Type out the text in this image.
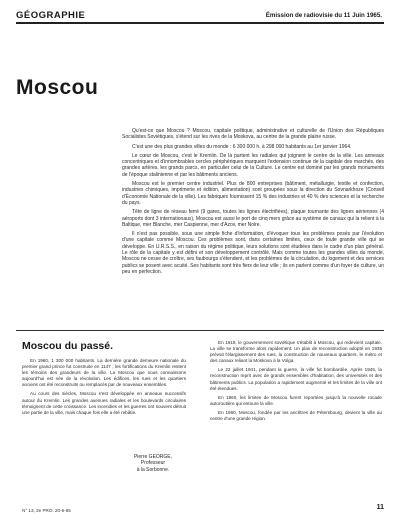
GÉOGRAPHIE	Émission de radiovisie du 11 Juin 1965.
Moscou

Qu'est-ce que Moscou ? Moscou, capitale politique, administrative et culturelle de l'Union des Républiques Socialistes Soviétiques, s'étend sur les rives de la Moskova, au centre de la grande plaine russe.

C'est une des plus grandes villes du monde : 6 300 000 h. à 298 000 habitants au 1er janvier 1964.

Le cœur de Moscou, c'est le Kremlin. De là partent les radiales qui joignent le centre de la ville. Les anneaux concentriques et d'innombrables cercles périphériques marquent l'extension continue de la capitale des marchés, des grandes artères, les grands parcs, en particulier celui de la Culture. Le centre est dominé par les grands monuments de l'époque stalinienne et par les bâtiments anciens.

Moscou est le premier centre industriel. Plus de 800 entreprises (bâtiment, métallurgie, textile et confection, industries chimiques, imprimerie et édition, alimentation) sont groupées sous la direction du Sovnarkhoze (Conseil d'Économie Nationale de la ville). Les fabriques fournissent 15 % des industries et 40 % des sciences et la recherche du pays.

Tête de ligne de réseau ferré (9 gares, toutes les lignes électrifiées), plaque tournante des lignes aériennes (4 aéroports dont 3 internationaux), Moscou est aussi le port de cinq mers grâce au système de canaux qui la relient à la Baltique, mer Blanche, mer Caspienne, mer d'Azov, mer Noire.

Il n'est pas possible, sous une simple fiche d'information, d'évoquer tous les problèmes posés par l'évolution d'une capitale comme Moscou. Ces problèmes sont, dans certaines limites, ceux de toute grande ville qui se développe. En U.R.S.S., en raison du régime politique, leurs solutions sont étudiées dans le cadre d'un plan général. Le rôle de la capitale y est défini et son développement contrôlé. Mais comme toutes les grandes villes du monde, Moscou ne cesse de croître, ses faubourgs s'étendent, et les problèmes de la circulation, du logement et des services publics se posent avec acuité. Ses habitants sont très fiers de leur ville ; ils en parlent comme d'un foyer de culture, un peu en perfection.

Moscou du passé.

En 1960, 1 300 000 habitants. La dernière grande demeure nationale du premier grand prince fut construite en 1147 ; les fortifications du Kremlin restent les témoins des grandeurs de la ville. La Moscou que nous connaissons aujourd'hui est née de la révolution. Les édifices, les rues et les quartiers anciens ont été reconstruits ou remplacés par de nouveaux ensembles.

Au cours des siècles, Moscou s'est développée en anneaux successifs autour du Kremlin. Les grandes avenues radiales et les boulevards circulaires témoignent de cette croissance. Les incendies et les guerres ont souvent détruit une partie de la ville, mais chaque fois elle a été rebâtie.

Pierre GEORGE,
Professeur
à la Sorbonne.

En 1918, le gouvernement soviétique s'établit à Moscou, qui redevient capitale. La ville se transforme alors rapidement. Un plan de reconstruction adopté en 1935 prévoit l'élargissement des rues, la construction de nouveaux quartiers, le métro et des canaux reliant la Moskova à la Volga.

Le 22 juillet 1941, pendant la guerre, la ville fut bombardée. Après 1945, la reconstruction reprit avec de grands ensembles d'habitation, des universités et des bâtiments publics. La population a rapidement augmenté et les limites de la ville ont été étendues.

En 1960, les limites de Moscou furent reportées jusqu'à la nouvelle rocade autoroutière qui entoure la ville.

En 1960, Moscou, fondée par les ancêtres de Pétersbourg, devient la ville au centre d'une grande région.

N° 13, 2e PRO. 20-6-65	11
